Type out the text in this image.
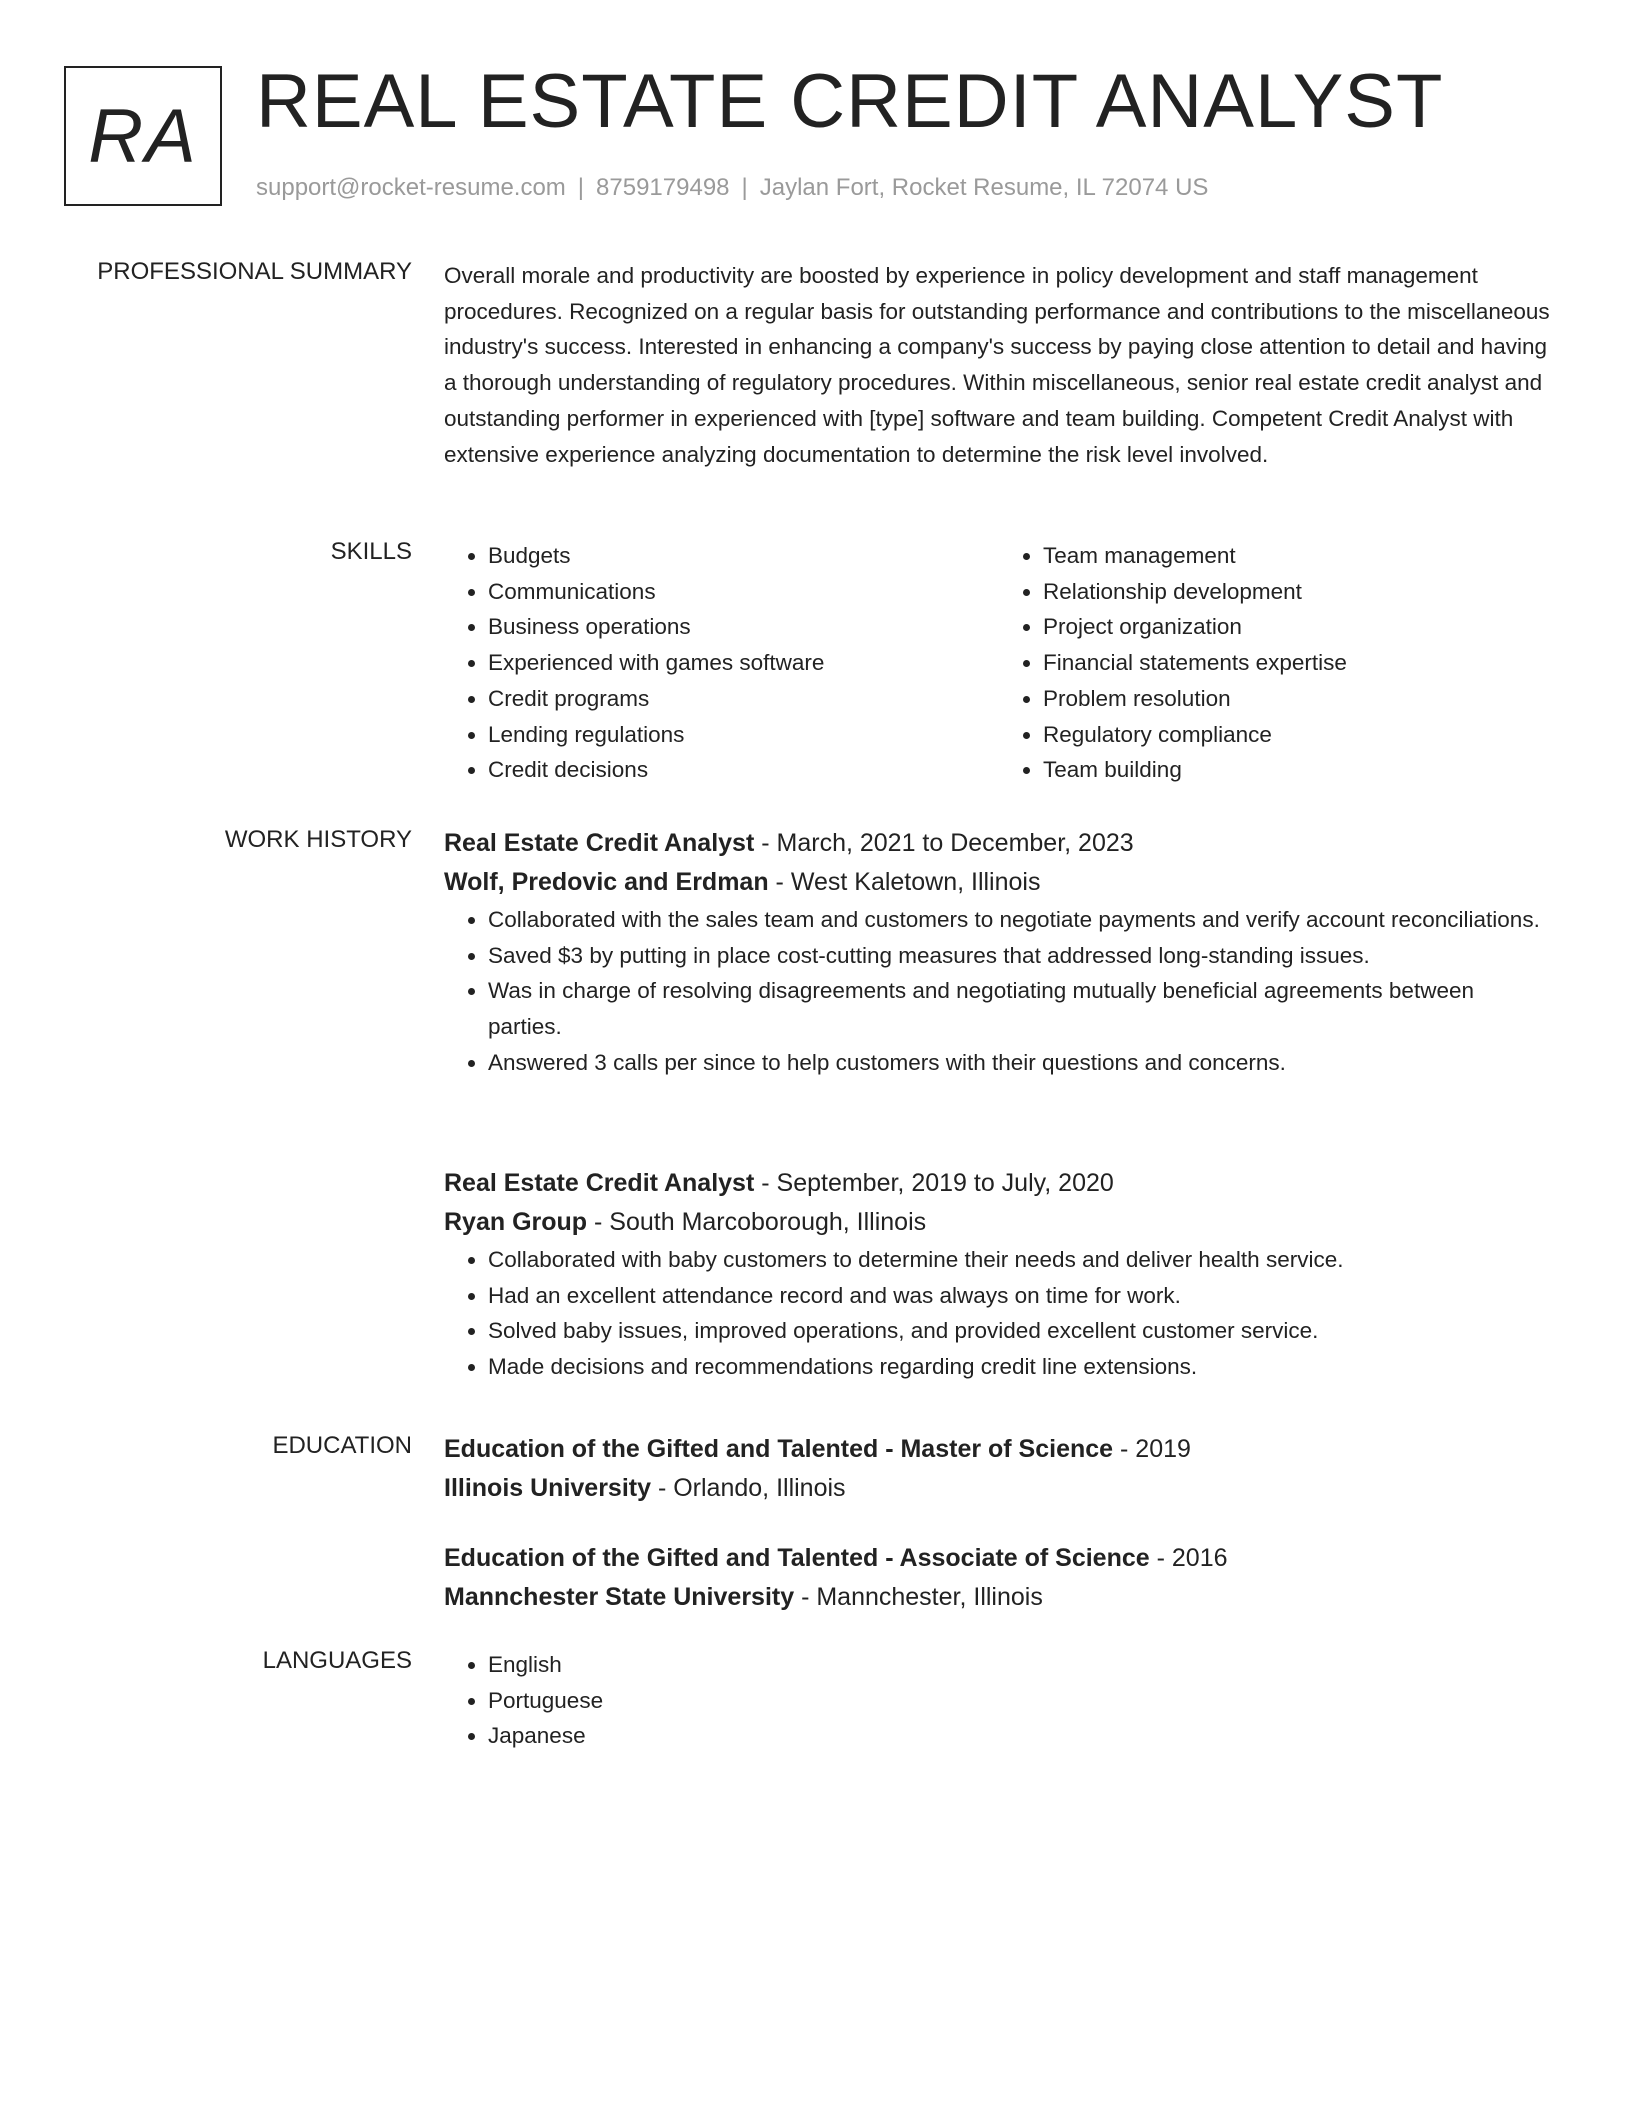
RA REAL ESTATE CREDIT ANALYST
support@rocket-resume.com | 8759179498 | Jaylan Fort, Rocket Resume, IL 72074 US
PROFESSIONAL SUMMARY Overall morale and productivity are boosted by experience in policy development and staff management procedures. Recognized on a regular basis for outstanding performance and contributions to the miscellaneous industry's success. Interested in enhancing a company's success by paying close attention to detail and having a thorough understanding of regulatory procedures. Within miscellaneous, senior real estate credit analyst and outstanding performer in experienced with [type] software and team building. Competent Credit Analyst with extensive experience analyzing documentation to determine the risk level involved.
SKILLS	• Budgets
• Communications
• Business operations
• Experienced with games software
• Credit programs
• Lending regulations
• Credit decisions
• Team management
• Relationship development
• Project organization
• Financial statements expertise
• Problem resolution
• Regulatory compliance
• Team building
WORK HISTORY Real Estate Credit Analyst - March, 2021 to December, 2023
Wolf, Predovic and Erdman - West Kaletown, Illinois
• Collaborated with the sales team and customers to negotiate payments and verify account reconciliations.
• Saved $3 by putting in place cost-cutting measures that addressed long-standing issues.
• Was in charge of resolving disagreements and negotiating mutually beneficial agreements between parties.
• Answered 3 calls per since to help customers with their questions and concerns.
Real Estate Credit Analyst - September, 2019 to July, 2020
Ryan Group - South Marcoborough, Illinois
• Collaborated with baby customers to determine their needs and deliver health service.
• Had an excellent attendance record and was always on time for work.
• Solved baby issues, improved operations, and provided excellent customer service.
• Made decisions and recommendations regarding credit line extensions.
EDUCATION Education of the Gifted and Talented - Master of Science - 2019
Illinois University - Orlando, Illinois
Education of the Gifted and Talented - Associate of Science - 2016
Mannchester State University - Mannchester, Illinois
LANGUAGES	• English
• Portuguese
• Japanese
